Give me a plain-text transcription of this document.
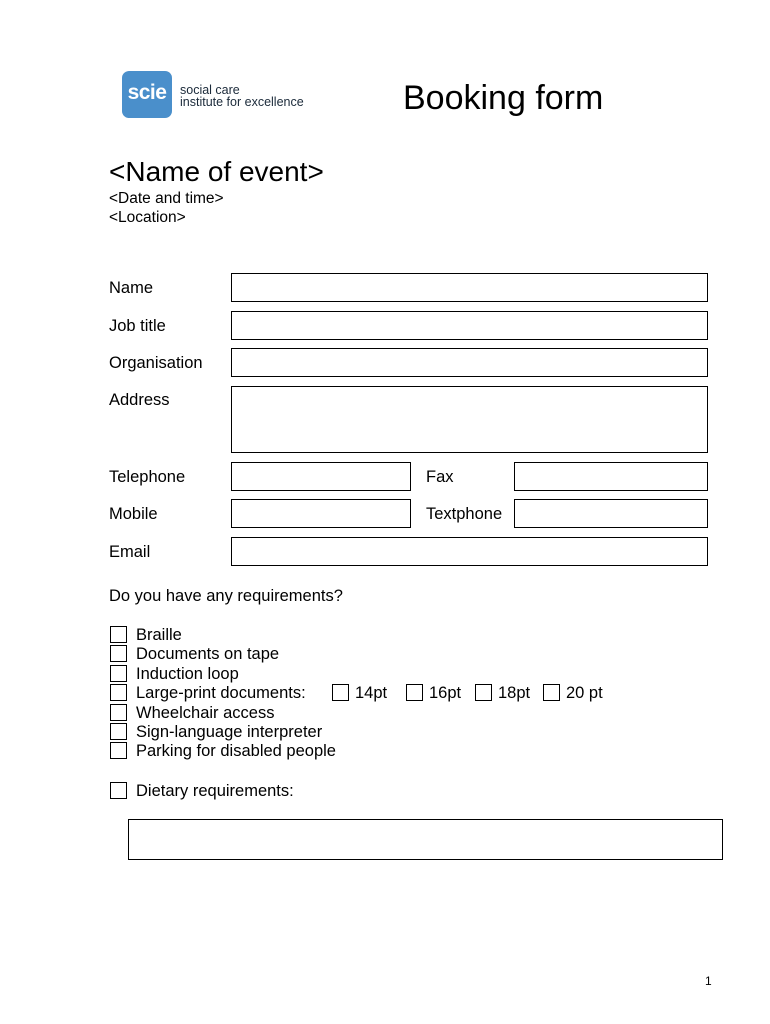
scie	social care
institute for excellence	Booking form
<Name of event>
<Date and time>
<Location>
Name
Job title
Organisation
Address
Telephone	Fax
Mobile	Textphone
Email
Do you have any requirements?
Braille
Documents on tape
Induction loop
Large-print documents:	14pt	16pt 18pt 20 pt
Wheelchair access
Sign-language interpreter
Parking for disabled people
Dietary requirements:
1
